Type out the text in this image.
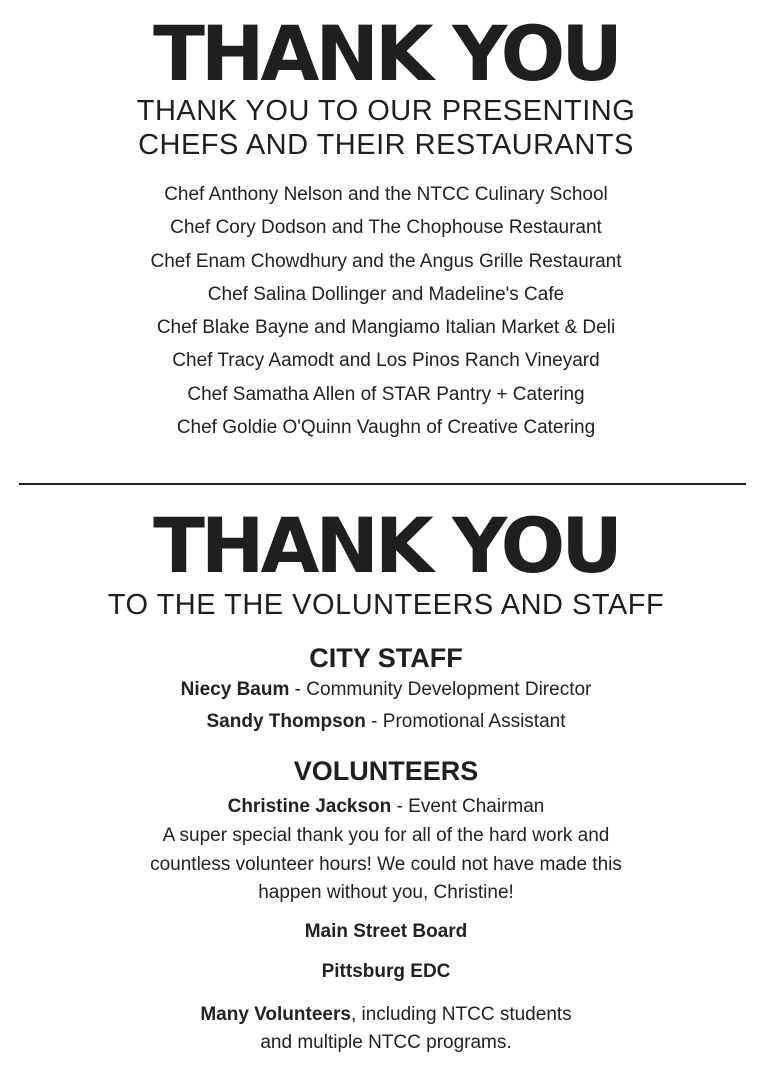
THANK YOU
THANK YOU TO OUR PRESENTING
CHEFS AND THEIR RESTAURANTS
Chef Anthony Nelson and the NTCC Culinary School
Chef Cory Dodson and The Chophouse Restaurant
Chef Enam Chowdhury and the Angus Grille Restaurant
Chef Salina Dollinger and Madeline's Cafe
Chef Blake Bayne and Mangiamo Italian Market & Deli
Chef Tracy Aamodt and Los Pinos Ranch Vineyard
Chef Samatha Allen of STAR Pantry + Catering
Chef Goldie O'Quinn Vaughn of Creative Catering
THANK YOU
TO THE THE VOLUNTEERS AND STAFF
CITY STAFF
Niecy Baum - Community Development Director
Sandy Thompson - Promotional Assistant
VOLUNTEERS
Christine Jackson - Event Chairman
A super special thank you for all of the hard work and countless volunteer hours! We could not have made this happen without you, Christine!
Main Street Board
Pittsburg EDC
Many Volunteers, including NTCC students
and multiple NTCC programs.
